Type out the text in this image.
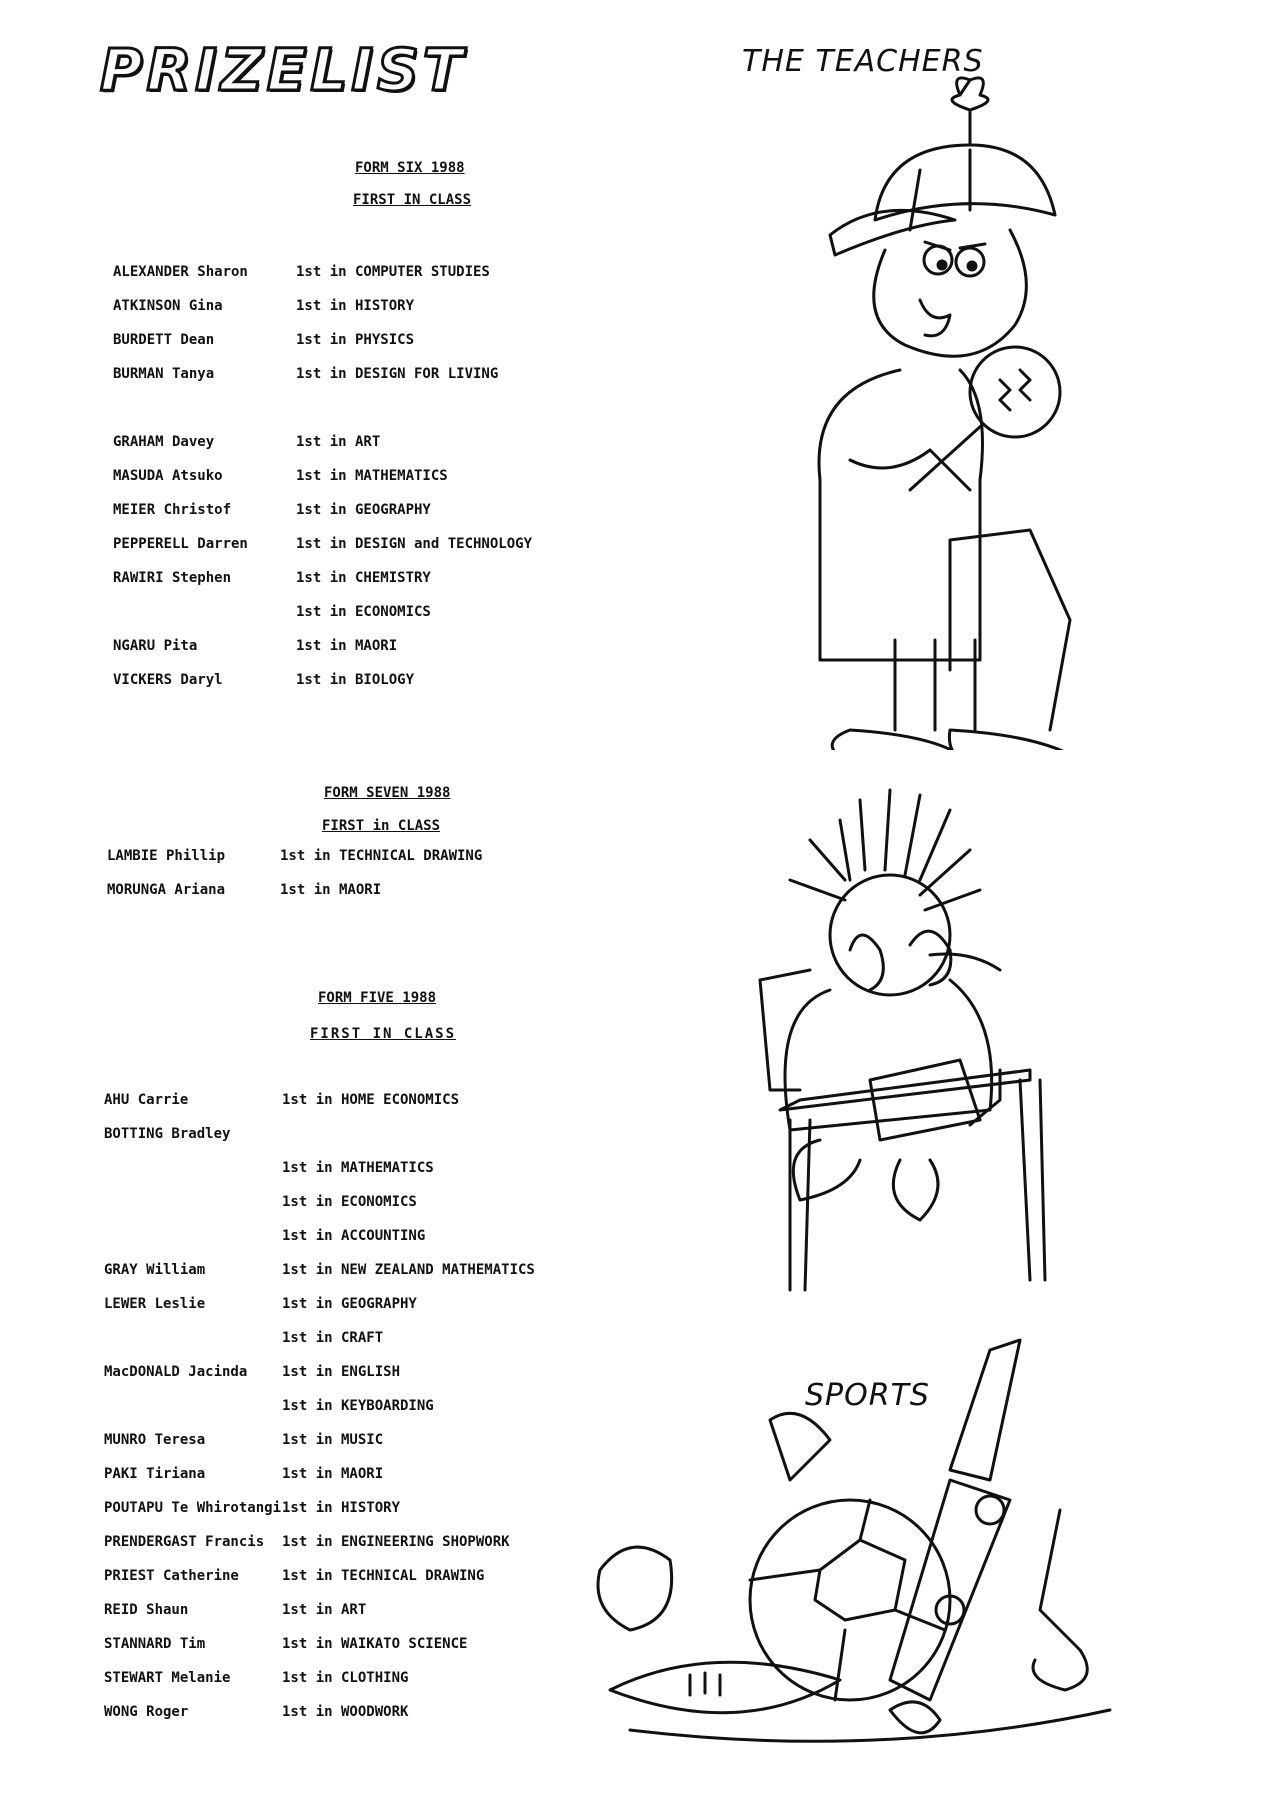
PRIZELIST
FORM SIX 1988
FIRST IN CLASS
ALEXANDER Sharon	1st in COMPUTER STUDIES
ATKINSON Gina	1st in HISTORY
BURDETT Dean	1st in PHYSICS
BURMAN Tanya	1st in DESIGN FOR LIVING
GRAHAM Davey	1st in ART
MASUDA Atsuko	1st in MATHEMATICS
MEIER Christof	1st in GEOGRAPHY
PEPPERELL Darren	1st in DESIGN and TECHNOLOGY
RAWIRI Stephen	1st in CHEMISTRY
1st in ECONOMICS
NGARU Pita	1st in MAORI
VICKERS Daryl	1st in BIOLOGY
FORM SEVEN 1988
FIRST in CLASS
LAMBIE Phillip	1st in TECHNICAL DRAWING
MORUNGA Ariana	1st in MAORI
FORM FIVE 1988
FIRST IN CLASS
AHU Carrie	1st in HOME ECONOMICS
BOTTING Bradley
1st in MATHEMATICS
1st in ECONOMICS
1st in ACCOUNTING
GRAY William	1st in NEW ZEALAND MATHEMATICS
LEWER Leslie	1st in GEOGRAPHY
1st in CRAFT
MacDONALD Jacinda 1st in ENGLISH
1st in KEYBOARDING
MUNRO Teresa	1st in MUSIC
PAKI Tiriana	1st in MAORI
POUTAPU Te Whirotangi 1st in HISTORY
PRENDERGAST Francis 1st in ENGINEERING SHOPWORK
PRIEST Catherine	1st in TECHNICAL DRAWING
REID Shaun	1st in ART
STANNARD Tim	1st in WAIKATO SCIENCE
STEWART Melanie	1st in CLOTHING
WONG Roger	1st in WOODWORK
THE TEACHERS
SPORTS
